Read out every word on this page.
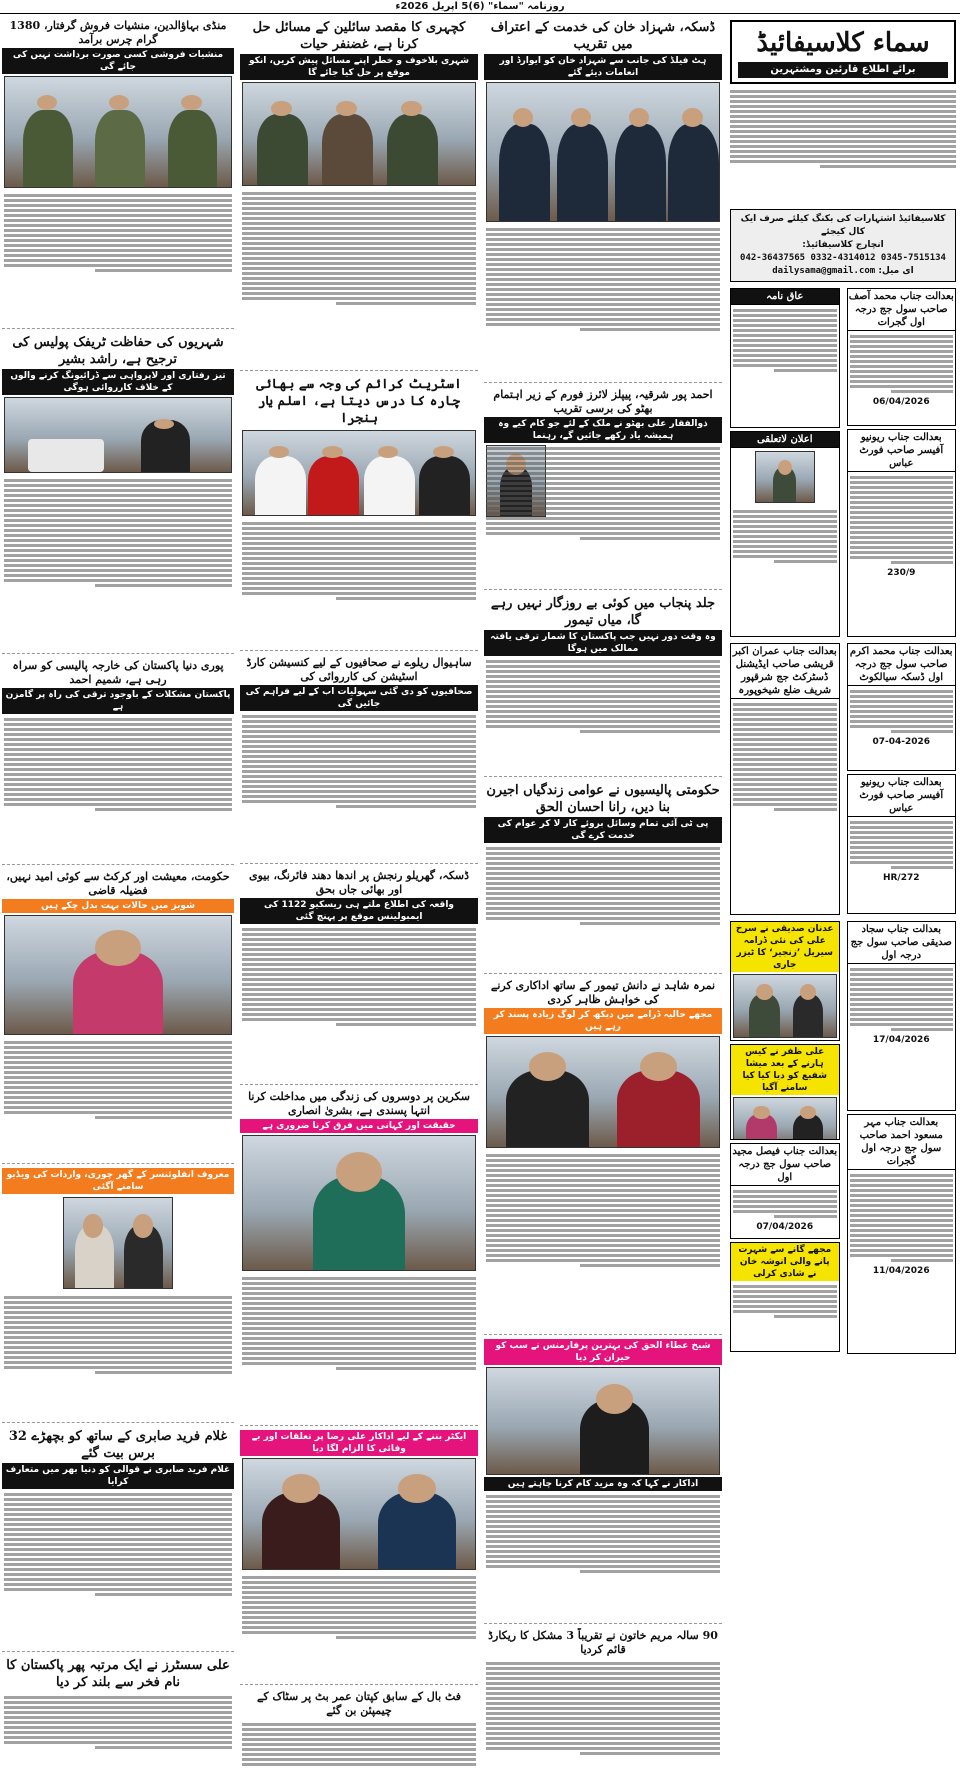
روزنامہ "سماء" (6)5 اپریل 2026ء
سماء کلاسیفائیڈ
برائے اطلاع قارئین ومشتہرین
کلاسیفائیڈ اشتہارات کی بکنگ کیلئے صرف ایک کال کیجئے
انچارج کلاسیفائیڈ:
042-36437565 0332-4314012 0345-7515134
ای میل: dailysama@gmail.com
بعدالت جناب محمد آصف صاحب سول جج درجہ اول گجرات
06/04/2026
بعدالت جناب ریونیو آفیسر صاحب فورٹ عباس
230/9
عاق نامہ
اعلان لاتعلقی
بعدالت جناب محمد اکرم صاحب سول جج درجہ اول ڈسکہ سیالکوٹ
07-04-2026
بعدالت جناب ریونیو آفیسر صاحب فورٹ عباس
HR/272
بعدالت جناب عمران اکبر قریشی صاحب ایڈیشنل ڈسٹرکٹ جج شرقپور شریف ضلع شیخوپورہ
بعدالت جناب سجاد صدیقی صاحب سول جج درجہ اول
17/04/2026
بعدالت جناب مہر مسعود احمد صاحب سول جج درجہ اول گجرات
11/04/2026
عدنان صدیقی نے سرخ علی کی نئی ڈرامہ سیریل ’زنجیر‘ کا ٹیزر جاری
علی ظفر نے کیس ہارنے کے بعد میشا شفیع کو دیا کیا کیا سامنے آگیا
بعدالت جناب فیصل مجید صاحب سول جج درجہ اول
07/04/2026
مجھے گانے سے شہرت پانے والی انوشہ خان نے شادی کرلی
ڈسکہ، شہزاد خان کی خدمت کے اعتراف میں تقریب
ہٹ فیلڈ کی جانب سے شہزاد خان کو ایوارڈ اور انعامات دیئے گئے
احمد پور شرقیہ، پیپلز لائرز فورم کے زیر اہتمام بھٹو کی برسی تقریب
ذوالفقار علی بھٹو نے ملک کے لئے جو کام کیے وہ ہمیشہ یاد رکھے جائیں گے، رہنما
جلد پنجاب میں کوئی بے روزگار نہیں رہے گا، میاں تیمور
وہ وقت دور نہیں جب پاکستان کا شمار ترقی یافتہ ممالک میں ہوگا
حکومتی پالیسیوں نے عوامی زندگیاں اجیرن بنا دیں، رانا احسان الحق
پی ٹی آئی تمام وسائل بروئے کار لا کر عوام کی خدمت کرے گی
نمرہ شاہد نے دانش تیمور کے ساتھ اداکاری کرنے کی خواہش ظاہر کردی
مجھے حالیہ ڈرامے میں دیکھ کر لوگ زیادہ پسند کر رہے ہیں
شیخ عطاء الحق کی بہترین پرفارمنس نے سب کو حیران کر دیا
اداکار نے کہا کہ وہ مزید کام کرنا چاہتے ہیں
90 سالہ مریم خاتون نے تقریباً 3 مشکل کا ریکارڈ قائم کردیا
کچہری کا مقصد سائلین کے مسائل حل کرنا ہے، غضنفر حیات
شہری بلاخوف و خطر اپنے مسائل پیش کریں، انکو موقع پر حل کیا جائے گا
اسٹریٹ کرائم کی وجہ سے بھائی چارہ کا درس دیتا ہے، اسلم یار ہنجرا
ساہیوال ریلوے نے صحافیوں کے لیے کنسیشن کارڈ اسٹیشن کی کارروائی کی
صحافیوں کو دی گئی سہولیات اب کے لیے فراہم کی جائیں گی
ڈسکہ، گھریلو رنجش پر اندھا دھند فائرنگ، بیوی اور بھائی جاں بحق
واقعہ کی اطلاع ملتے ہی ریسکیو 1122 کی ایمبولینس موقع پر پہنچ گئی
سکرین پر دوسروں کی زندگی میں مداخلت کرنا انتہا پسندی ہے، بشریٰ انصاری
حقیقت اور کہانی میں فرق کرنا ضروری ہے
ایکٹر بننے کے لیے اداکار علی رضا پر تعلقات اور بے وفائی کا الزام لگا دیا
فٹ بال کے سابق کپتان عمر بٹ پر سٹاک کے چیمپئن بن گئے
منڈی بہاؤالدین، منشیات فروش گرفتار، 1380 گرام چرس برآمد
منشیات فروشی کسی صورت برداشت نہیں کی جائے گی
شہریوں کی حفاظت ٹریفک پولیس کی ترجیح ہے، راشد بشیر
تیز رفتاری اور لاپرواہی سے ڈرائیونگ کرنے والوں کے خلاف کارروائی ہوگی
پوری دنیا پاکستان کی خارجہ پالیسی کو سراہ رہی ہے، شمیم احمد
پاکستان مشکلات کے باوجود ترقی کی راہ پر گامزن ہے
حکومت، معیشت اور کرکٹ سے کوئی امید نہیں، فضیلہ قاضی
شوبز میں حالات بہت بدل چکے ہیں
معروف انفلوئنسر کے گھر چوری، واردات کی ویڈیو سامنے آگئی
غلام فرید صابری کے ساتھ کو بچھڑے 32 برس بیت گئے
غلام فرید صابری نے قوالی کو دنیا بھر میں متعارف کرایا
علی سسٹرز نے ایک مرتبہ پھر پاکستان کا نام فخر سے بلند کر دیا
